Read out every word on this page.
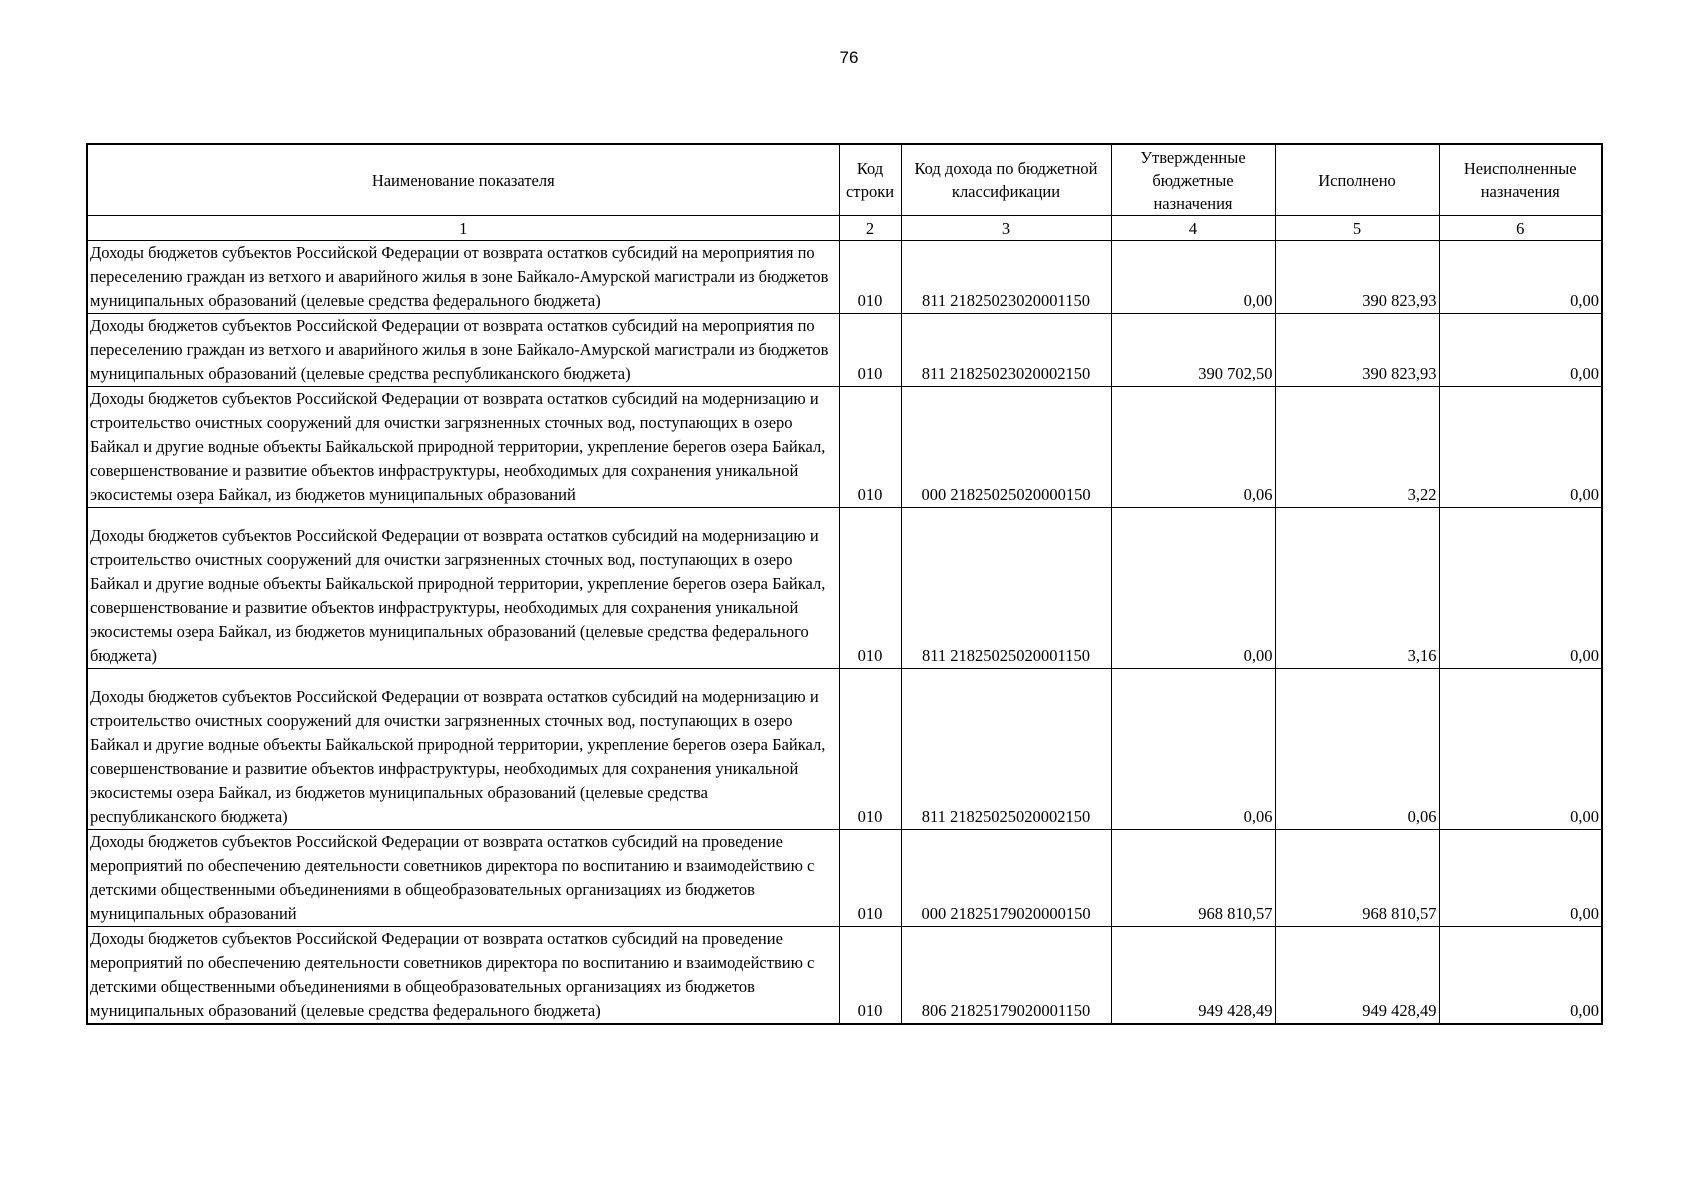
76
Наименование показателя	Код строки	Код дохода по бюджетной классификации	Утвержденные бюджетные назначения	Исполнено	Неисполненные назначения
1	2	3	4	5	6
Доходы бюджетов субъектов Российской Федерации от возврата остатков субсидий на мероприятия по переселению граждан из ветхого и аварийного жилья в зоне Байкало-Амурской магистрали из бюджетов муниципальных образований (целевые средства федерального бюджета)	010	811 21825023020001150	0,00	390 823,93	0,00
Доходы бюджетов субъектов Российской Федерации от возврата остатков субсидий на мероприятия по переселению граждан из ветхого и аварийного жилья в зоне Байкало-Амурской магистрали из бюджетов муниципальных образований (целевые средства республиканского бюджета)	010	811 21825023020002150	390 702,50	390 823,93	0,00
Доходы бюджетов субъектов Российской Федерации от возврата остатков субсидий на модернизацию и строительство очистных сооружений для очистки загрязненных сточных вод, поступающих в озеро Байкал и другие водные объекты Байкальской природной территории, укрепление берегов озера Байкал, совершенствование и развитие объектов инфраструктуры, необходимых для сохранения уникальной экосистемы озера Байкал, из бюджетов муниципальных образований	010	000 21825025020000150	0,06	3,22	0,00
Доходы бюджетов субъектов Российской Федерации от возврата остатков субсидий на модернизацию и строительство очистных сооружений для очистки загрязненных сточных вод, поступающих в озеро Байкал и другие водные объекты Байкальской природной территории, укрепление берегов озера Байкал, совершенствование и развитие объектов инфраструктуры, необходимых для сохранения уникальной экосистемы озера Байкал, из бюджетов муниципальных образований (целевые средства федерального бюджета)	010	811 21825025020001150	0,00	3,16	0,00
Доходы бюджетов субъектов Российской Федерации от возврата остатков субсидий на модернизацию и строительство очистных сооружений для очистки загрязненных сточных вод, поступающих в озеро Байкал и другие водные объекты Байкальской природной территории, укрепление берегов озера Байкал, совершенствование и развитие объектов инфраструктуры, необходимых для сохранения уникальной экосистемы озера Байкал, из бюджетов муниципальных образований (целевые средства республиканского бюджета)	010	811 21825025020002150	0,06	0,06	0,00
Доходы бюджетов субъектов Российской Федерации от возврата остатков субсидий на проведение мероприятий по обеспечению деятельности советников директора по воспитанию и взаимодействию с детскими общественными объединениями в общеобразовательных организациях из бюджетов муниципальных образований	010	000 21825179020000150	968 810,57	968 810,57	0,00
Доходы бюджетов субъектов Российской Федерации от возврата остатков субсидий на проведение мероприятий по обеспечению деятельности советников директора по воспитанию и взаимодействию с детскими общественными объединениями в общеобразовательных организациях из бюджетов муниципальных образований (целевые средства федерального бюджета)	010	806 21825179020001150	949 428,49	949 428,49	0,00
